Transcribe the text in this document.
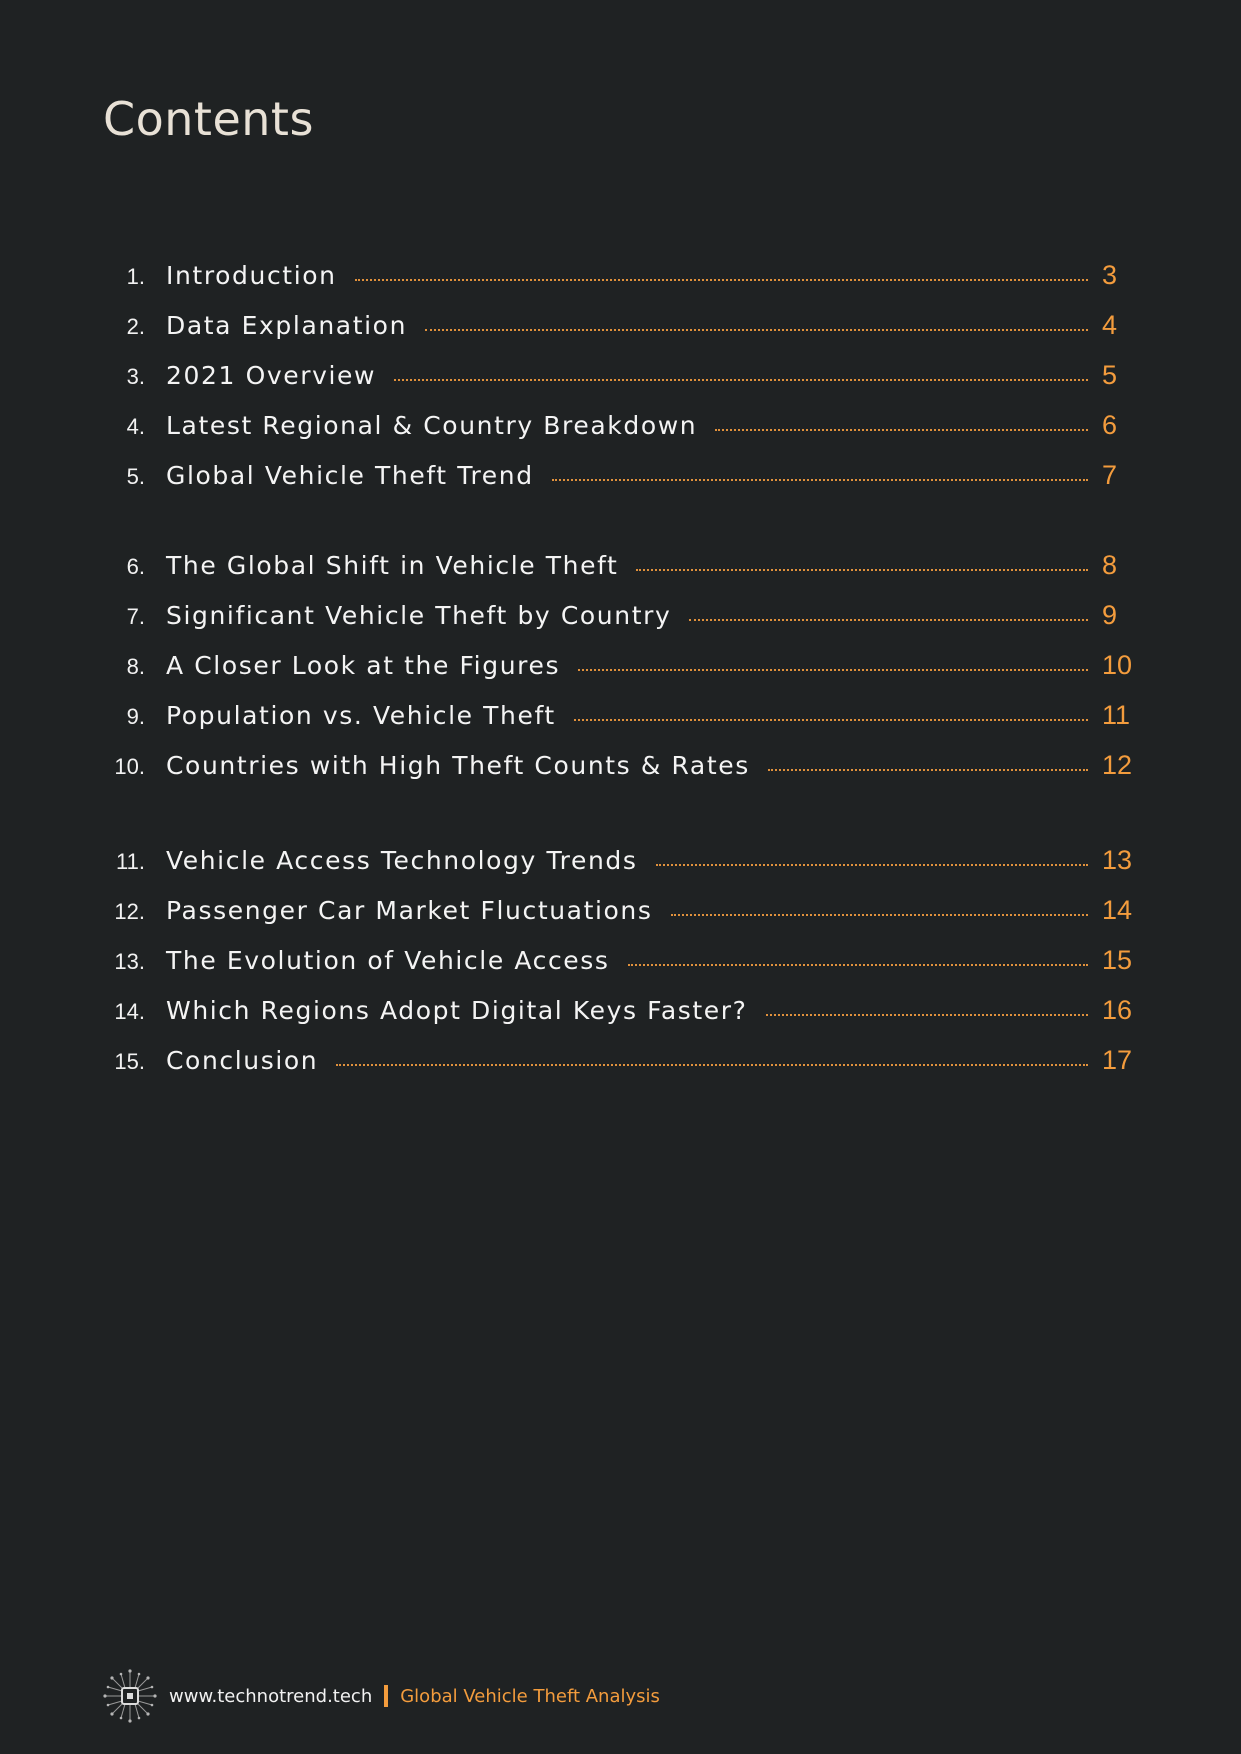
Contents
1. Introduction	3
2. Data Explanation	4
3. 2021 Overview	5
4. Latest Regional & Country Breakdown	6
5. Global Vehicle Theft Trend	7
6. The Global Shift in Vehicle Theft	8
7. Significant Vehicle Theft by Country	9
8. A Closer Look at the Figures	10
9. Population vs. Vehicle Theft	11
10. Countries with High Theft Counts & Rates	12
11. Vehicle Access Technology Trends	13
12. Passenger Car Market Fluctuations	14
13. The Evolution of Vehicle Access	15
14. Which Regions Adopt Digital Keys Faster?	16
15. Conclusion	17
www.technotrend.tech Global Vehicle Theft Analysis
